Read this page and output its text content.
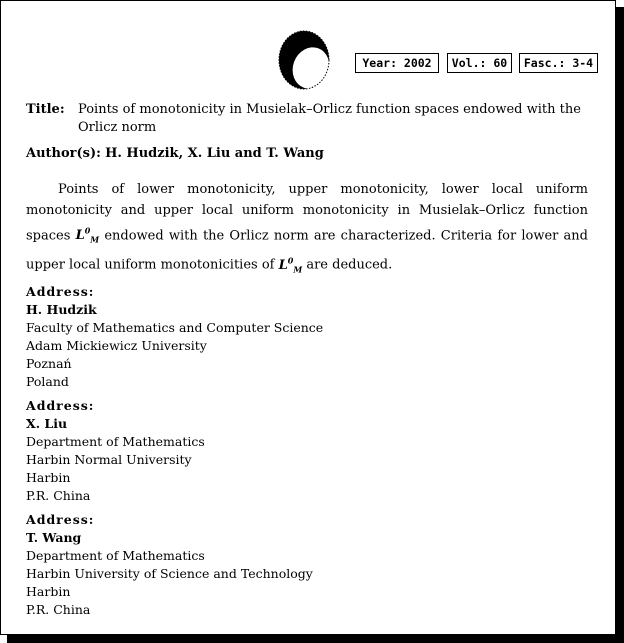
Year: 2002	Vol.: 60	Fasc.: 3-4
Title: Points of monotonicity in Musielak–Orlicz function spaces endowed with the Orlicz norm
Author(s): H. Hudzik, X. Liu and T. Wang
Points of lower monotonicity, upper monotonicity, lower local uniform monotonicity and upper local uniform monotonicity in Musielak–Orlicz function spaces $L^0_M$ endowed with the Orlicz norm are characterized. Criteria for lower and upper local uniform monotonicities of $L^0_M$ are deduced.
Address:
H. Hudzik
Faculty of Mathematics and Computer Science
Adam Mickiewicz University
Poznań
Poland
Address:
X. Liu
Department of Mathematics
Harbin Normal University
Harbin
P.R. China
Address:
T. Wang
Department of Mathematics
Harbin University of Science and Technology
Harbin
P.R. China
